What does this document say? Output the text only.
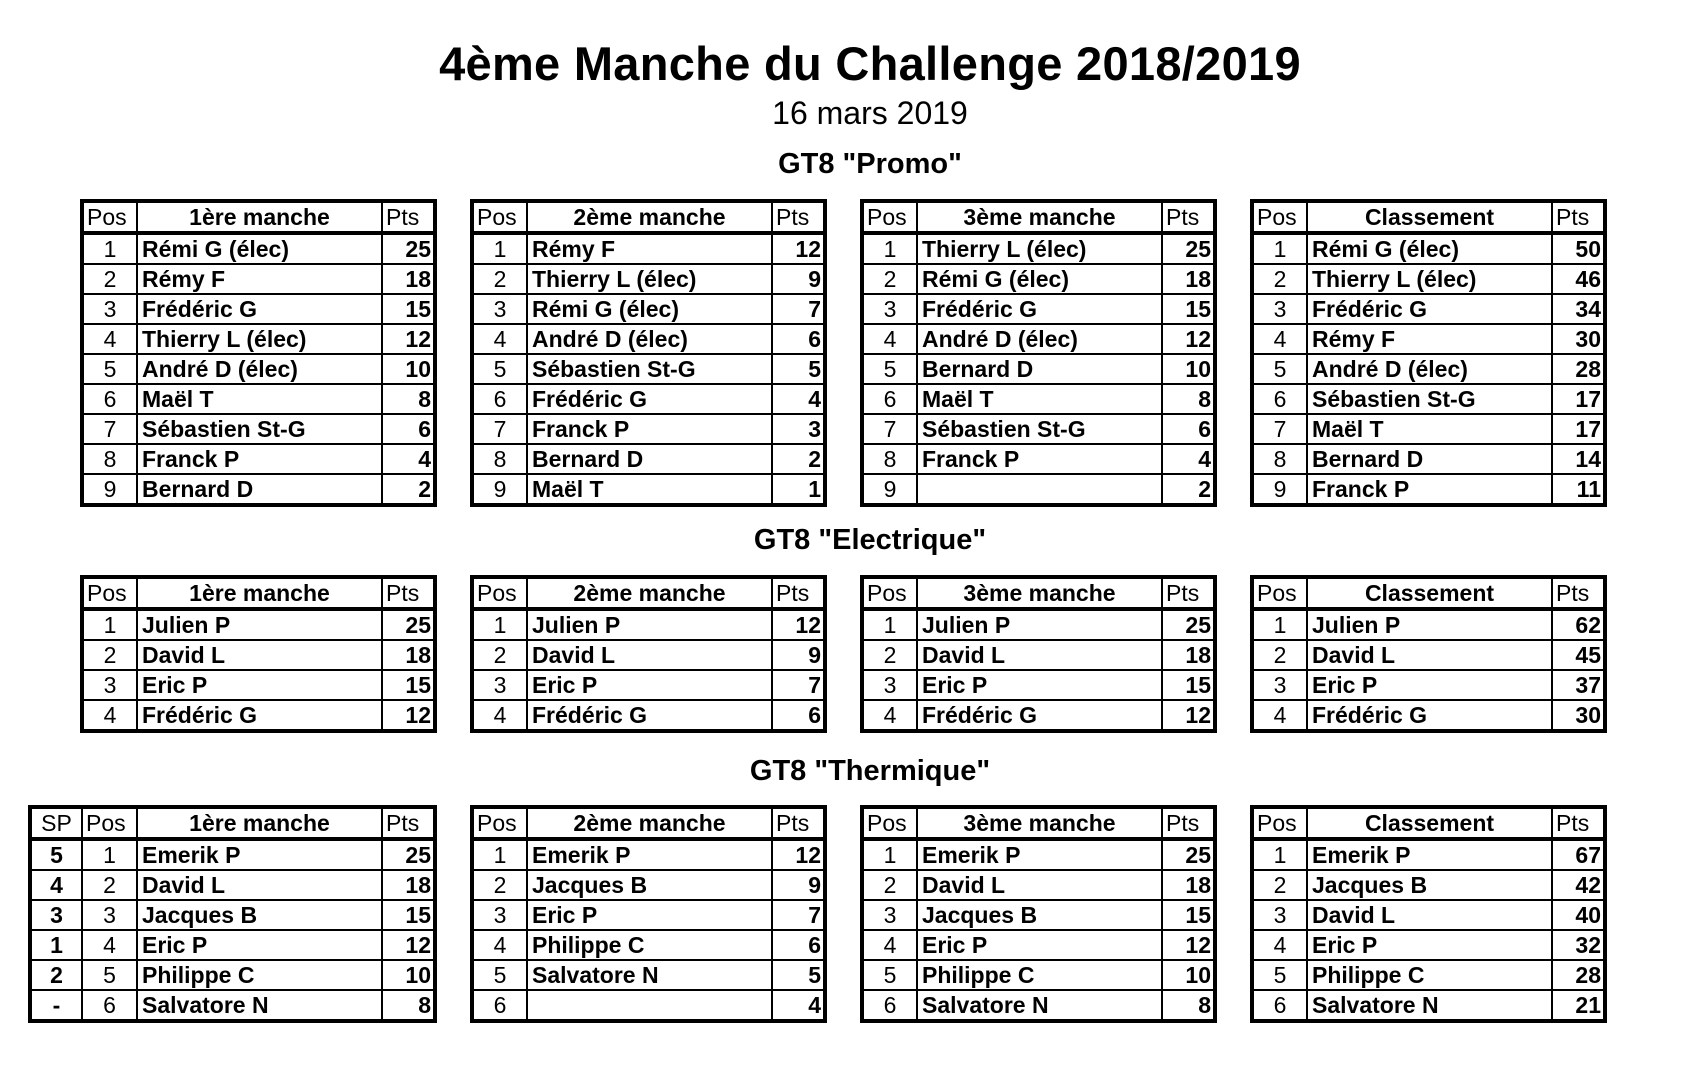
4ème Manche du Challenge 2018/2019
16 mars 2019
GT8 "Promo"
Pos	1ère manche	Pts
1	Rémi G (élec)	25
2	Rémy F	18
3	Frédéric G	15
4	Thierry L (élec)	12
5	André D (élec)	10
6	Maël T	8
7	Sébastien St-G	6
8	Franck P	4
9	Bernard D	2
Pos	2ème manche	Pts
1	Rémy F	12
2	Thierry L (élec)	9
3	Rémi G (élec)	7
4	André D (élec)	6
5	Sébastien St-G	5
6	Frédéric G	4
7	Franck P	3
8	Bernard D	2
9	Maël T	1
Pos	3ème manche	Pts
1	Thierry L (élec)	25
2	Rémi G (élec)	18
3	Frédéric G	15
4	André D (élec)	12
5	Bernard D	10
6	Maël T	8
7	Sébastien St-G	6
8	Franck P	4
9		2
Pos	Classement	Pts
1	Rémi G (élec)	50
2	Thierry L (élec)	46
3	Frédéric G	34
4	Rémy F	30
5	André D (élec)	28
6	Sébastien St-G	17
7	Maël T	17
8	Bernard D	14
9	Franck P	11
GT8 "Electrique"
Pos	1ère manche	Pts
1	Julien P	25
2	David L	18
3	Eric P	15
4	Frédéric G	12
Pos	2ème manche	Pts
1	Julien P	12
2	David L	9
3	Eric P	7
4	Frédéric G	6
Pos	3ème manche	Pts
1	Julien P	25
2	David L	18
3	Eric P	15
4	Frédéric G	12
Pos	Classement	Pts
1	Julien P	62
2	David L	45
3	Eric P	37
4	Frédéric G	30
GT8 "Thermique"
SP	Pos	1ère manche	Pts
5	1	Emerik P	25
4	2	David L	18
3	3	Jacques B	15
1	4	Eric P	12
2	5	Philippe C	10
-	6	Salvatore N	8
Pos	2ème manche	Pts
1	Emerik P	12
2	Jacques B	9
3	Eric P	7
4	Philippe C	6
5	Salvatore N	5
6		4
Pos	3ème manche	Pts
1	Emerik P	25
2	David L	18
3	Jacques B	15
4	Eric P	12
5	Philippe C	10
6	Salvatore N	8
Pos	Classement	Pts
1	Emerik P	67
2	Jacques B	42
3	David L	40
4	Eric P	32
5	Philippe C	28
6	Salvatore N	21
